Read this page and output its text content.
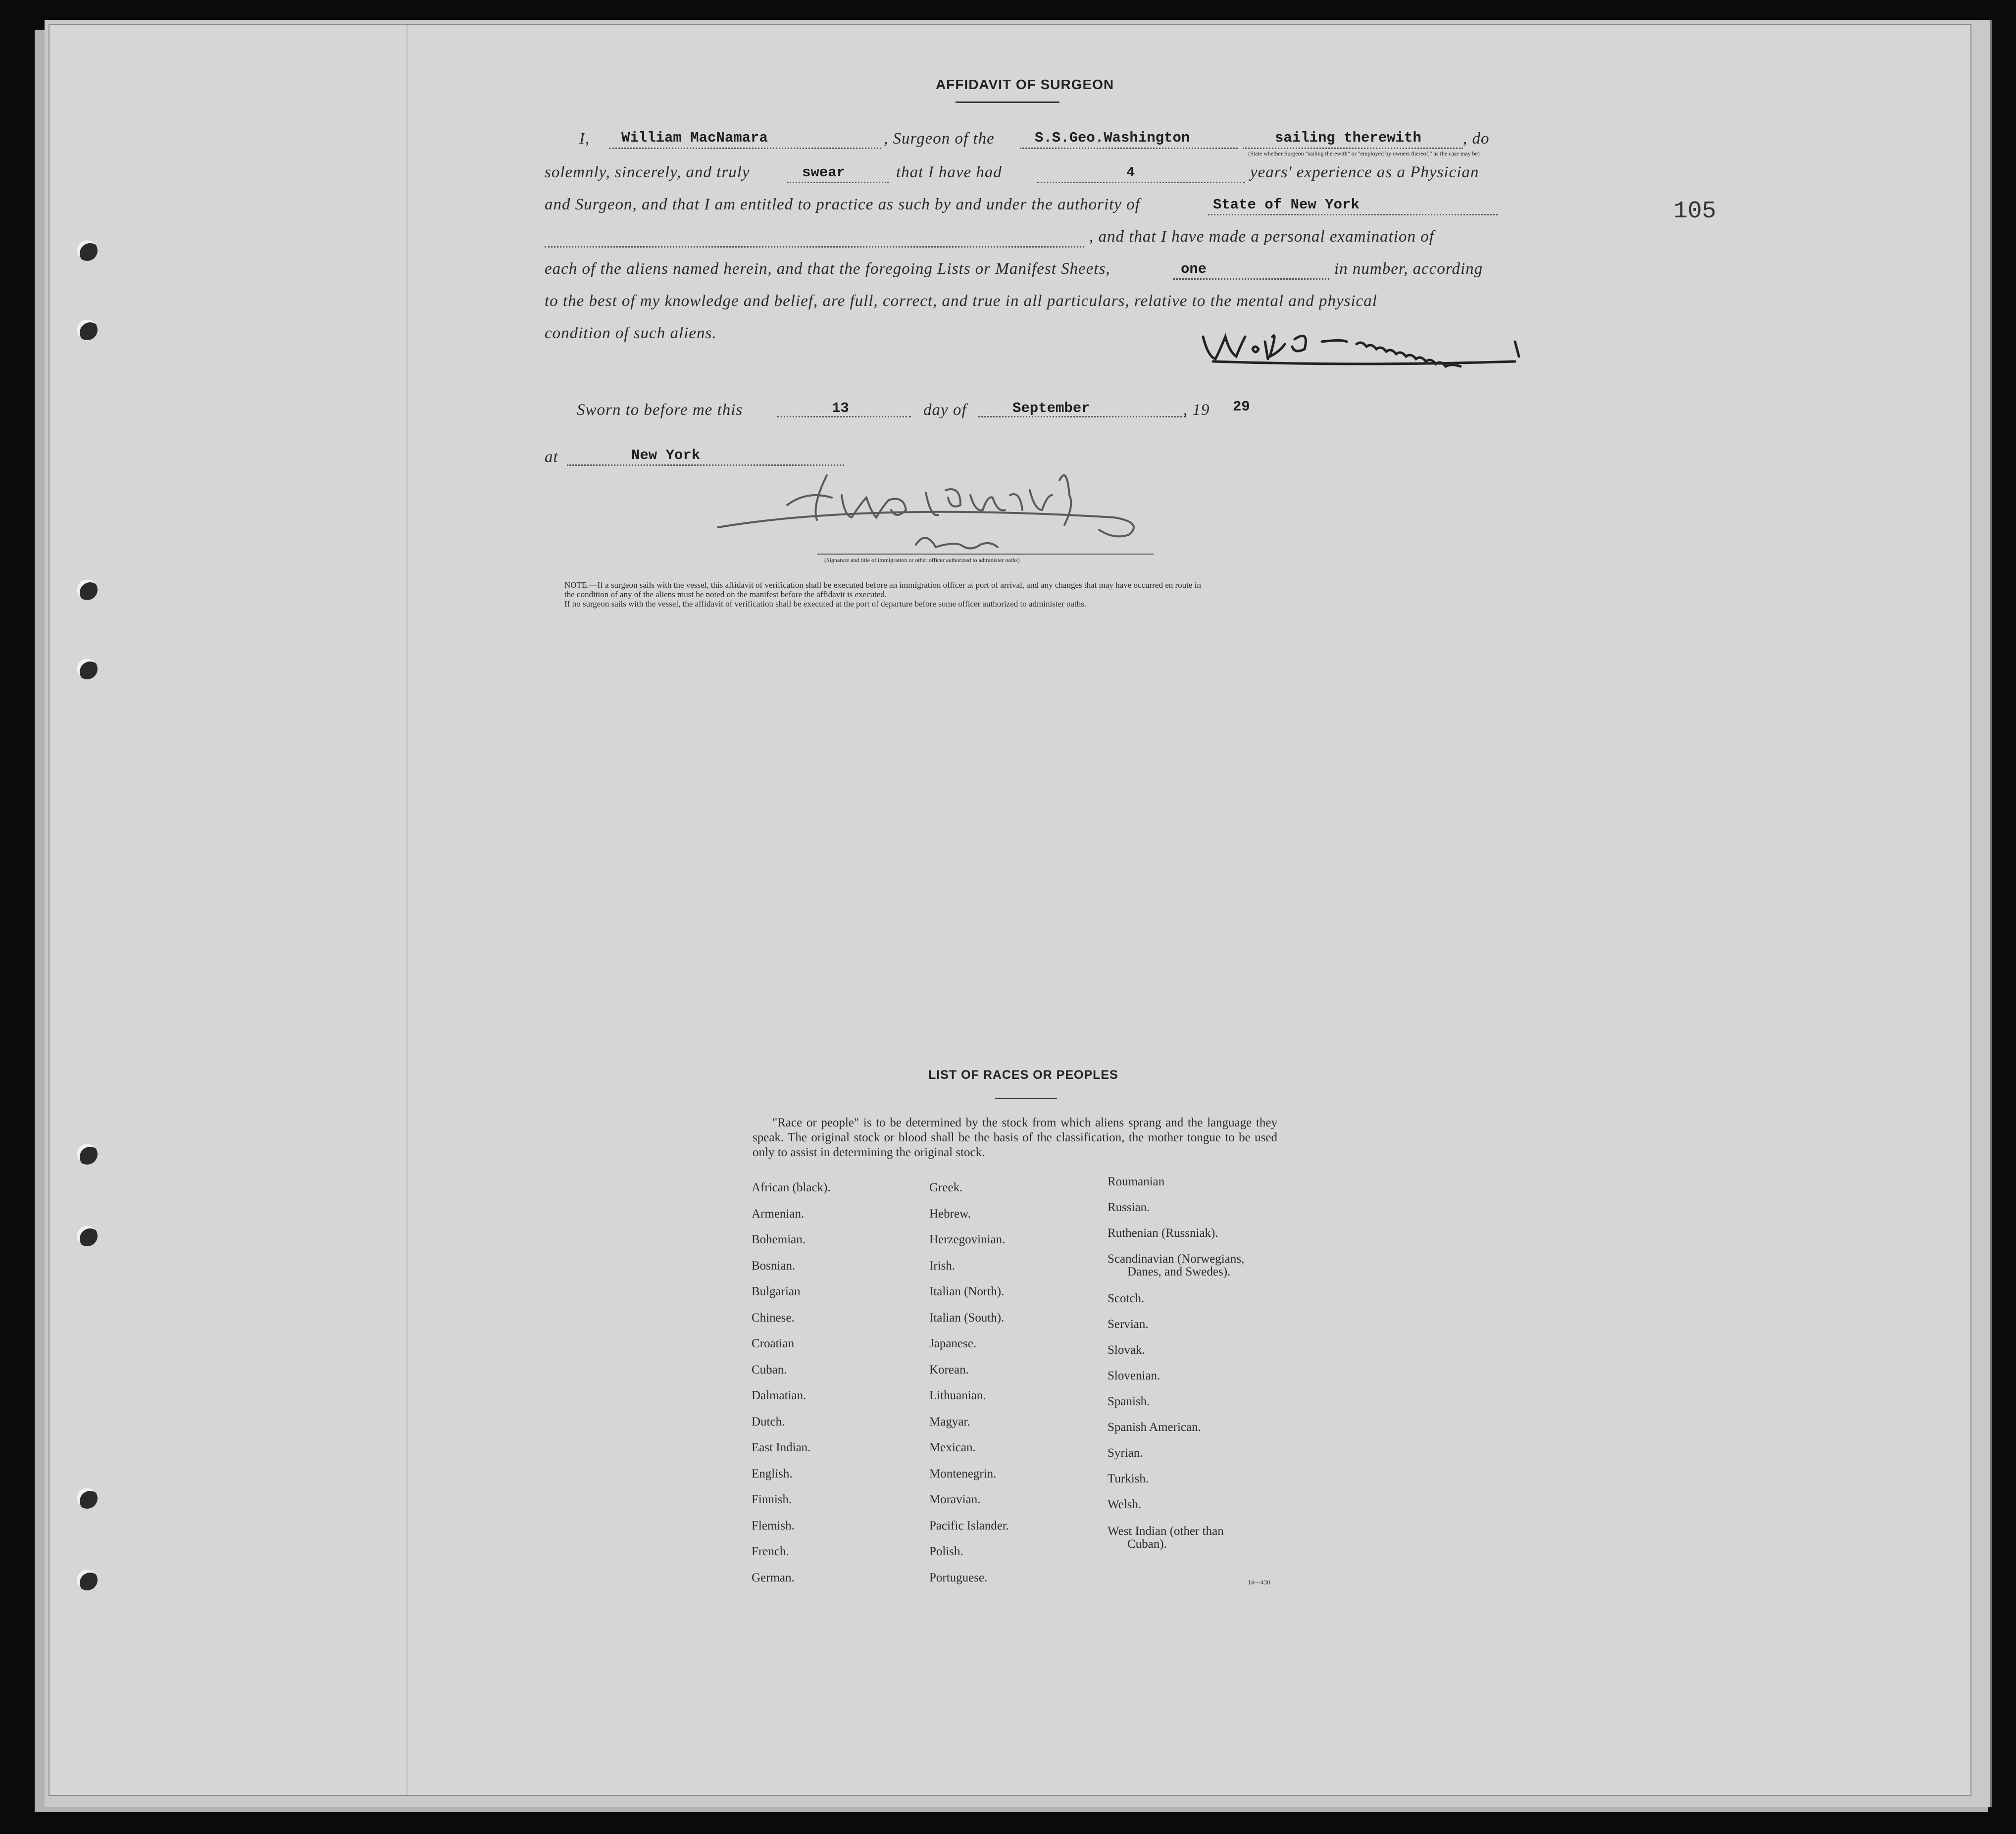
AFFIDAVIT OF SURGEON
105
I, William MacNamara	, Surgeon of the	S.S.Geo.Washington	sailing therewith	, do
(State whether Surgeon "sailing therewith" or "employed by owners thereof," as the case may be)
solemnly, sincerely, and truly	swear	that I have had	4	years' experience as a Physician
and Surgeon, and that I am entitled to practice as such by and under the authority of	State of New York
, and that I have made a personal examination of
each of the aliens named herein, and that the foregoing Lists or Manifest Sheets,	one	in number, according
to the best of my knowledge and belief, are full, correct, and true in all particulars, relative to the mental and physical
condition of such aliens.
Sworn to before me this	13	day of	September	, 19 29
at	New York
(Signature and title of immigration or other officer authorized to administer oaths)
NOTE.—If a surgeon sails with the vessel, this affidavit of verification shall be executed before an immigration officer at port of arrival, and any changes that may have occurred en route in
the condition of any of the aliens must be noted on the manifest before the affidavit is executed.
If no surgeon sails with the vessel, the affidavit of verification shall be executed at the port of departure before some officer authorized to administer oaths.
LIST OF RACES OR PEOPLES
"Race or people" is to be determined by the stock from which aliens sprang and the language they speak. The original stock or blood shall be the basis of the classification, the mother tongue to be used only to assist in determining the original stock.
African (black).
Armenian.
Bohemian.
Bosnian.
Bulgarian
Chinese.
Croatian
Cuban.
Dalmatian.
Dutch.
East Indian.
English.
Finnish.
Flemish.
French.
German.
Greek.
Hebrew.
Herzegovinian.
Irish.
Italian (North).
Italian (South).
Japanese.
Korean.
Lithuanian.
Magyar.
Mexican.
Montenegrin.
Moravian.
Pacific Islander.
Polish.
Portuguese.
Roumanian
Russian.
Ruthenian (Russniak).
Scandinavian (Norwegians,
Danes, and Swedes).
Scotch.
Servian.
Slovak.
Slovenian.
Spanish.
Spanish American.
Syrian.
Turkish.
Welsh.
West Indian (other than
Cuban).
14—430
